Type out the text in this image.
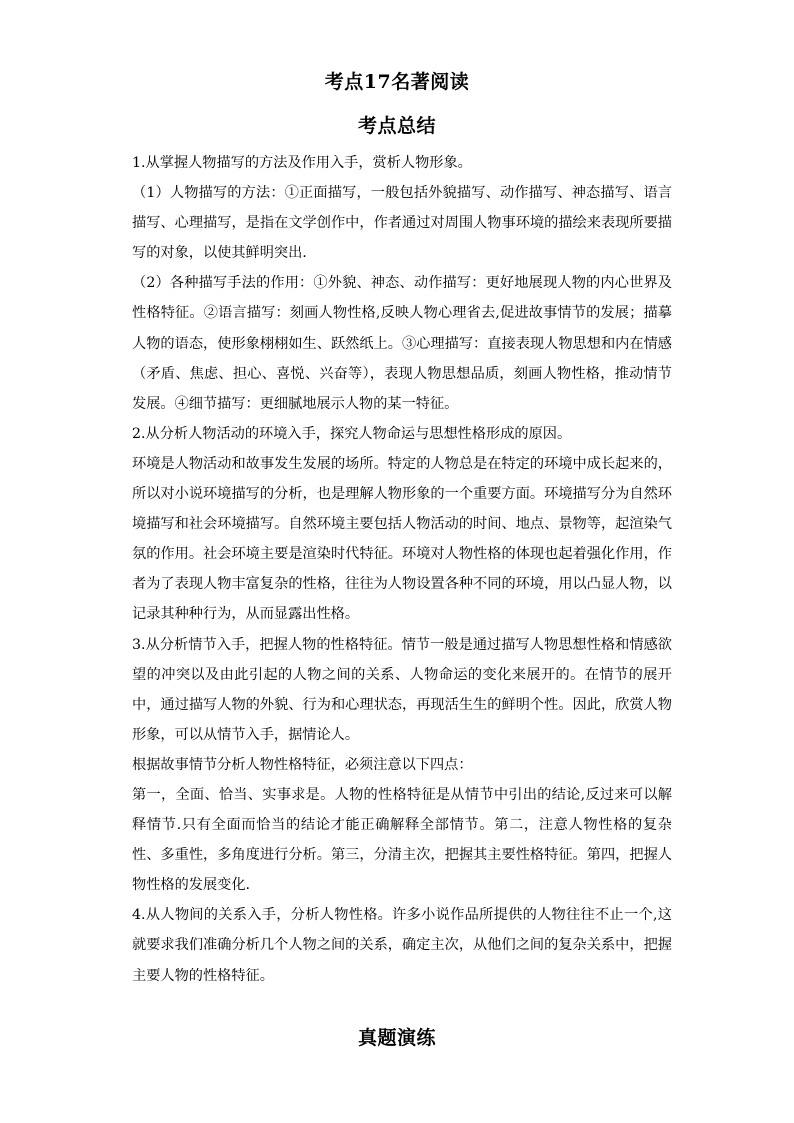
考点17名著阅读
考点总结

1.从掌握人物描写的方法及作用入手，赏析人物形象。

（1）人物描写的方法：①正面描写，一般包括外貌描写、动作描写、神态描写、语言描写、心理描写，是指在文学创作中，作者通过对周围人物事环境的描绘来表现所要描写的对象，以使其鲜明突出.

（2）各种描写手法的作用：①外貌、神态、动作描写：更好地展现人物的内心世界及性格特征。②语言描写：刻画人物性格,反映人物心理省去,促进故事情节的发展；描摹人物的语态，使形象栩栩如生、跃然纸上。③心理描写：直接表现人物思想和内在情感（矛盾、焦虑、担心、喜悦、兴奋等），表现人物思想品质，刻画人物性格，推动情节发展。④细节描写：更细腻地展示人物的某一特征。

2.从分析人物活动的环境入手，探究人物命运与思想性格形成的原因。

环境是人物活动和故事发生发展的场所。特定的人物总是在特定的环境中成长起来的，所以对小说环境描写的分析，也是理解人物形象的一个重要方面。环境描写分为自然环境描写和社会环境描写。自然环境主要包括人物活动的时间、地点、景物等，起渲染气氛的作用。社会环境主要是渲染时代特征。环境对人物性格的体现也起着强化作用，作者为了表现人物丰富复杂的性格，往往为人物设置各种不同的环境，用以凸显人物，以记录其种种行为，从而显露出性格。

3.从分析情节入手，把握人物的性格特征。情节一般是通过描写人物思想性格和情感欲望的冲突以及由此引起的人物之间的关系、人物命运的变化来展开的。在情节的展开中，通过描写人物的外貌、行为和心理状态，再现活生生的鲜明个性。因此，欣赏人物形象，可以从情节入手，据情论人。

根据故事情节分析人物性格特征，必须注意以下四点：

第一，全面、恰当、实事求是。人物的性格特征是从情节中引出的结论,反过来可以解释情节.只有全面而恰当的结论才能正确解释全部情节。第二，注意人物性格的复杂性、多重性，多角度进行分析。第三，分清主次，把握其主要性格特征。第四，把握人物性格的发展变化.

4.从人物间的关系入手，分析人物性格。许多小说作品所提供的人物往往不止一个,这就要求我们准确分析几个人物之间的关系，确定主次，从他们之间的复杂关系中，把握主要人物的性格特征。

真题演练
